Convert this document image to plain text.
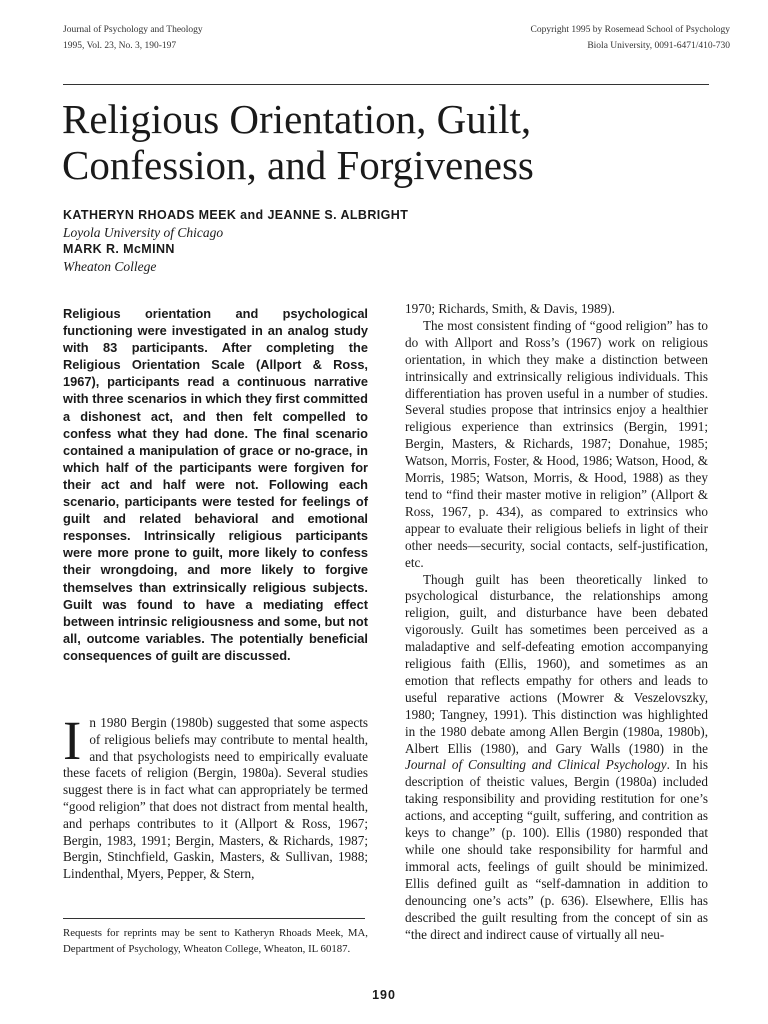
Journal of Psychology and Theology
1995, Vol. 23, No. 3, 190-197
Copyright 1995 by Rosemead School of Psychology
Biola University, 0091-6471/410-730
Religious Orientation, Guilt,
Confession, and Forgiveness
KATHERYN RHOADS MEEK and JEANNE S. ALBRIGHT
Loyola University of Chicago
MARK R. McMINN
Wheaton College
Religious orientation and psychological functioning were investigated in an analog study with 83 participants. After completing the Religious Orientation Scale (Allport & Ross, 1967), participants read a continuous narrative with three scenarios in which they first committed a dishonest act, and then felt compelled to confess what they had done. The final scenario contained a manipulation of grace or no-grace, in which half of the participants were forgiven for their act and half were not. Following each scenario, participants were tested for feelings of guilt and related behavioral and emotional responses. Intrinsically religious participants were more prone to guilt, more likely to confess their wrongdoing, and more likely to forgive themselves than extrinsically religious subjects. Guilt was found to have a mediating effect between intrinsic religiousness and some, but not all, outcome variables. The potentially beneficial consequences of guilt are discussed.

I n 1980 Bergin (1980b) suggested that some aspects of religious beliefs may contribute to mental health, and that psychologists need to empirically evaluate these facets of religion (Bergin, 1980a). Several studies suggest there is in fact what can appropriately be termed “good religion” that does not distract from mental health, and perhaps contributes to it (Allport & Ross, 1967; Bergin, 1983, 1991; Bergin, Masters, & Richards, 1987; Bergin, Stinchfield, Gaskin, Masters, & Sullivan, 1988; Lindenthal, Myers, Pepper, & Stern,

Requests for reprints may be sent to Katheryn Rhoads Meek, MA, Department of Psychology, Wheaton College, Wheaton, IL 60187.

1970; Richards, Smith, & Davis, 1989).

The most consistent finding of “good religion” has to do with Allport and Ross’s (1967) work on religious orientation, in which they make a distinction between intrinsically and extrinsically religious individuals. This differentiation has proven useful in a number of studies. Several studies propose that intrinsics enjoy a healthier religious experience than extrinsics (Bergin, 1991; Bergin, Masters, & Richards, 1987; Donahue, 1985; Watson, Morris, Foster, & Hood, 1986; Watson, Hood, & Morris, 1985; Watson, Morris, & Hood, 1988) as they tend to “find their master motive in religion” (Allport & Ross, 1967, p. 434), as compared to extrinsics who appear to evaluate their religious beliefs in light of their other needs—security, social contacts, self-justification, etc.

Though guilt has been theoretically linked to psychological disturbance, the relationships among religion, guilt, and disturbance have been debated vigorously. Guilt has sometimes been perceived as a maladaptive and self-defeating emotion accompanying religious faith (Ellis, 1960), and sometimes as an emotion that reflects empathy for others and leads to useful reparative actions (Mowrer & Veszelovszky, 1980; Tangney, 1991). This distinction was highlighted in the 1980 debate among Allen Bergin (1980a, 1980b), Albert Ellis (1980), and Gary Walls (1980) in the Journal of Consulting and Clinical Psychology. In his description of theistic values, Bergin (1980a) included taking responsibility and providing restitution for one’s actions, and accepting “guilt, suffering, and contrition as keys to change” (p. 100). Ellis (1980) responded that while one should take responsibility for harmful and immoral acts, feelings of guilt should be minimized. Ellis defined guilt as “self-damnation in addition to denouncing one’s acts” (p. 636). Elsewhere, Ellis has described the guilt resulting from the concept of sin as “the direct and indirect cause of virtually all neu-

190
